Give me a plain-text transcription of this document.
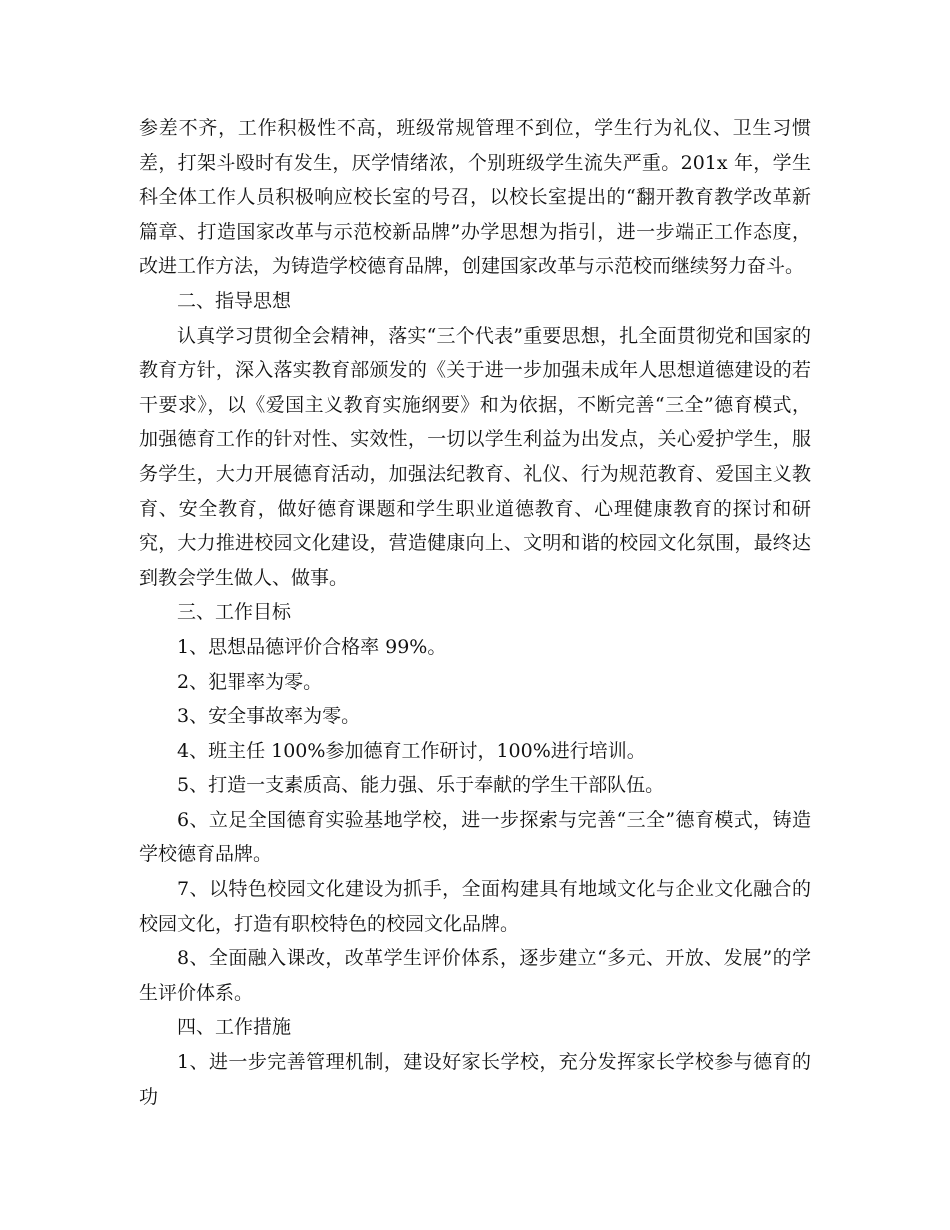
参差不齐，工作积极性不高，班级常规管理不到位，学生行为礼仪、卫生习惯差，打架斗殴时有发生，厌学情绪浓，个别班级学生流失严重。201x 年，学生科全体工作人员积极响应校长室的号召，以校长室提出的“翻开教育教学改革新篇章、打造国家改革与示范校新品牌”办学思想为指引，进一步端正工作态度，改进工作方法，为铸造学校德育品牌，创建国家改革与示范校而继续努力奋斗。

二、指导思想

认真学习贯彻全会精神，落实“三个代表”重要思想，扎全面贯彻党和国家的教育方针，深入落实教育部颁发的《关于进一步加强未成年人思想道德建设的若干要求》，以《爱国主义教育实施纲要》和为依据，不断完善“三全”德育模式，加强德育工作的针对性、实效性，一切以学生利益为出发点，关心爱护学生，服务学生，大力开展德育活动，加强法纪教育、礼仪、行为规范教育、爱国主义教育、安全教育，做好德育课题和学生职业道德教育、心理健康教育的探讨和研究，大力推进校园文化建设，营造健康向上、文明和谐的校园文化氛围，最终达到教会学生做人、做事。

三、工作目标

1、思想品德评价合格率 99%。

2、犯罪率为零。

3、安全事故率为零。

4、班主任 100%参加德育工作研讨，100%进行培训。

5、打造一支素质高、能力强、乐于奉献的学生干部队伍。

6、立足全国德育实验基地学校，进一步探索与完善“三全”德育模式，铸造学校德育品牌。

7、以特色校园文化建设为抓手，全面构建具有地域文化与企业文化融合的校园文化，打造有职校特色的校园文化品牌。

8、全面融入课改，改革学生评价体系，逐步建立“多元、开放、发展”的学生评价体系。

四、工作措施

1、进一步完善管理机制，建设好家长学校，充分发挥家长学校参与德育的功
